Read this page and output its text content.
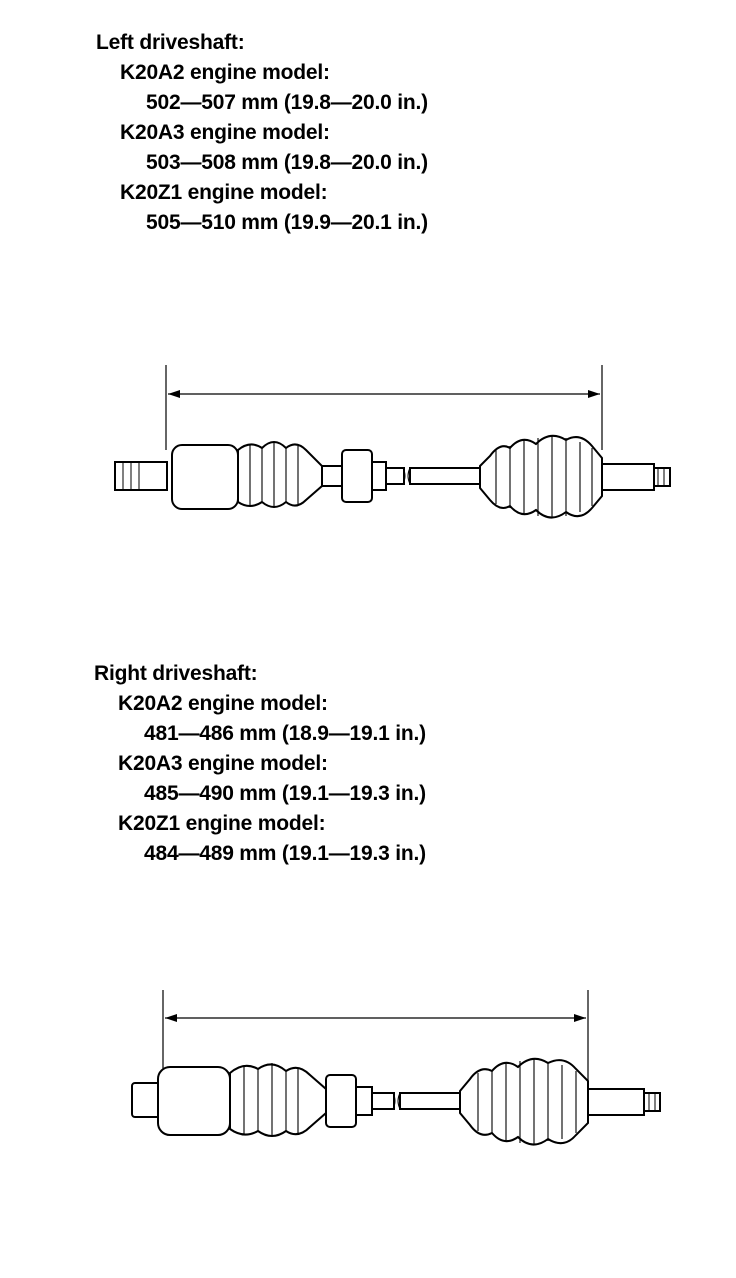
Left driveshaft:
K20A2 engine model:
502—507 mm (19.8—20.0 in.)
K20A3 engine model:
503—508 mm (19.8—20.0 in.)
K20Z1 engine model:
505—510 mm (19.9—20.1 in.)
Right driveshaft:
K20A2 engine model:
481—486 mm (18.9—19.1 in.)
K20A3 engine model:
485—490 mm (19.1—19.3 in.)
K20Z1 engine model:
484—489 mm (19.1—19.3 in.)
